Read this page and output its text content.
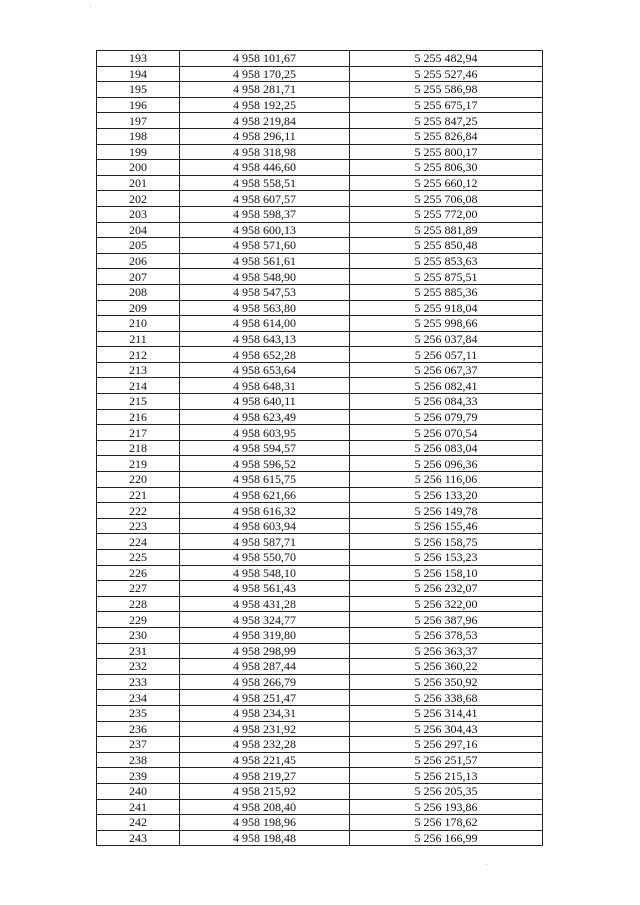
193	4 958 101,67	5 255 482,94
194	4 958 170,25	5 255 527,46
195	4 958 281,71	5 255 586,98
196	4 958 192,25	5 255 675,17
197	4 958 219,84	5 255 847,25
198	4 958 296,11	5 255 826,84
199	4 958 318,98	5 255 800,17
200	4 958 446,60	5 255 806,30
201	4 958 558,51	5 255 660,12
202	4 958 607,57	5 255 706,08
203	4 958 598,37	5 255 772,00
204	4 958 600,13	5 255 881,89
205	4 958 571,60	5 255 850,48
206	4 958 561,61	5 255 853,63
207	4 958 548,90	5 255 875,51
208	4 958 547,53	5 255 885,36
209	4 958 563,80	5 255 918,04
210	4 958 614,00	5 255 998,66
211	4 958 643,13	5 256 037,84
212	4 958 652,28	5 256 057,11
213	4 958 653,64	5 256 067,37
214	4 958 648,31	5 256 082,41
215	4 958 640,11	5 256 084,33
216	4 958 623,49	5 256 079,79
217	4 958 603,95	5 256 070,54
218	4 958 594,57	5 256 083,04
219	4 958 596,52	5 256 096,36
220	4 958 615,75	5 256 116,06
221	4 958 621,66	5 256 133,20
222	4 958 616,32	5 256 149,78
223	4 958 603,94	5 256 155,46
224	4 958 587,71	5 256 158,75
225	4 958 550,70	5 256 153,23
226	4 958 548,10	5 256 158,10
227	4 958 561,43	5 256 232,07
228	4 958 431,28	5 256 322,00
229	4 958 324,77	5 256 387,96
230	4 958 319,80	5 256 378,53
231	4 958 298,99	5 256 363,37
232	4 958 287,44	5 256 360,22
233	4 958 266,79	5 256 350,92
234	4 958 251,47	5 256 338,68
235	4 958 234,31	5 256 314,41
236	4 958 231,92	5 256 304,43
237	4 958 232,28	5 256 297,16
238	4 958 221,45	5 256 251,57
239	4 958 219,27	5 256 215,13
240	4 958 215,92	5 256 205,35
241	4 958 208,40	5 256 193,86
242	4 958 198,96	5 256 178,62
243	4 958 198,48	5 256 166,99
